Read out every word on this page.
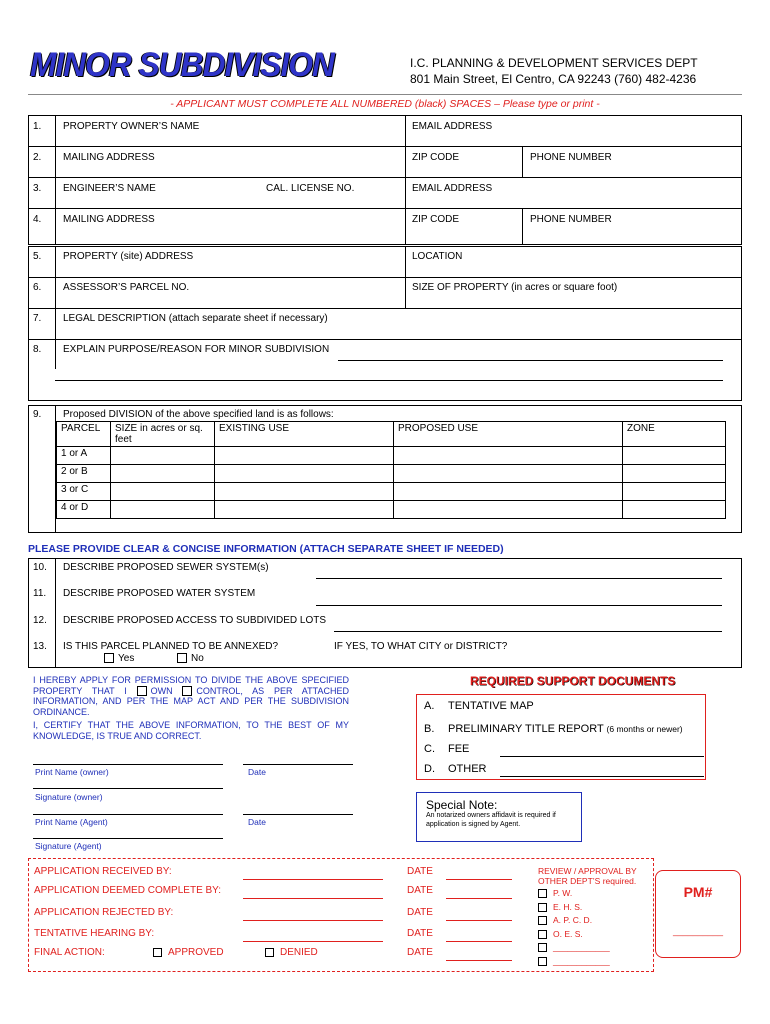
MINOR SUBDIVISION	I.C. PLANNING & DEVELOPMENT SERVICES DEPT
801 Main Street, El Centro, CA 92243 (760) 482-4236
- APPLICANT MUST COMPLETE ALL NUMBERED (black) SPACES – Please type or print -
1. PROPERTY OWNER’S NAME	EMAIL ADDRESS
2. MAILING ADDRESS	ZIP CODE	PHONE NUMBER
3. ENGINEER’S NAME	CAL. LICENSE NO.	EMAIL ADDRESS
4. MAILING ADDRESS	ZIP CODE	PHONE NUMBER
5. PROPERTY (site) ADDRESS	LOCATION
6. ASSESSOR’S PARCEL NO.	SIZE OF PROPERTY (in acres or square foot)
7. LEGAL DESCRIPTION (attach separate sheet if necessary)
8. EXPLAIN PURPOSE/REASON FOR MINOR SUBDIVISION
9. Proposed DIVISION of the above specified land is as follows:
PARCEL	SIZE in acres or sq. feet	EXISTING USE	PROPOSED USE	ZONE
1 or A				
2 or B				
3 or C				
4 or D				
PLEASE PROVIDE CLEAR & CONCISE INFORMATION (ATTACH SEPARATE SHEET IF NEEDED)
10. DESCRIBE PROPOSED SEWER SYSTEM(s)
11. DESCRIBE PROPOSED WATER SYSTEM
12. DESCRIBE PROPOSED ACCESS TO SUBDIVIDED LOTS
13. IS THIS PARCEL PLANNED TO BE ANNEXED?	IF YES, TO WHAT CITY or DISTRICT?
Yes	No
I HEREBY APPLY FOR PERMISSION TO DIVIDE THE ABOVE SPECIFIED PROPERTY THAT I	OWN	CONTROL, AS PER ATTACHED INFORMATION, AND PER THE MAP ACT AND PER THE SUBDIVISION ORDINANCE.
I, CERTIFY THAT THE ABOVE INFORMATION, TO THE BEST OF MY KNOWLEDGE, IS TRUE AND CORRECT.
Print Name (owner)	Date
Signature (owner)
Print Name (Agent)	Date
Signature (Agent)
REQUIRED SUPPORT DOCUMENTS
A. TENTATIVE MAP
B. PRELIMINARY TITLE REPORT (6 months or newer)
C. FEE
D. OTHER
Special Note:
An notarized owners affidavit is required if application is signed by Agent.
APPLICATION RECEIVED BY:
APPLICATION DEEMED COMPLETE BY:
APPLICATION REJECTED BY:
TENTATIVE HEARING BY:
FINAL ACTION:	APPROVED	DENIED
DATE
DATE
DATE
DATE
DATE
REVIEW / APPROVAL BY OTHER DEPT’S required.
P. W.
E. H. S.
A. P. C. D.
O. E. S.
____________
____________
PM#
__________
